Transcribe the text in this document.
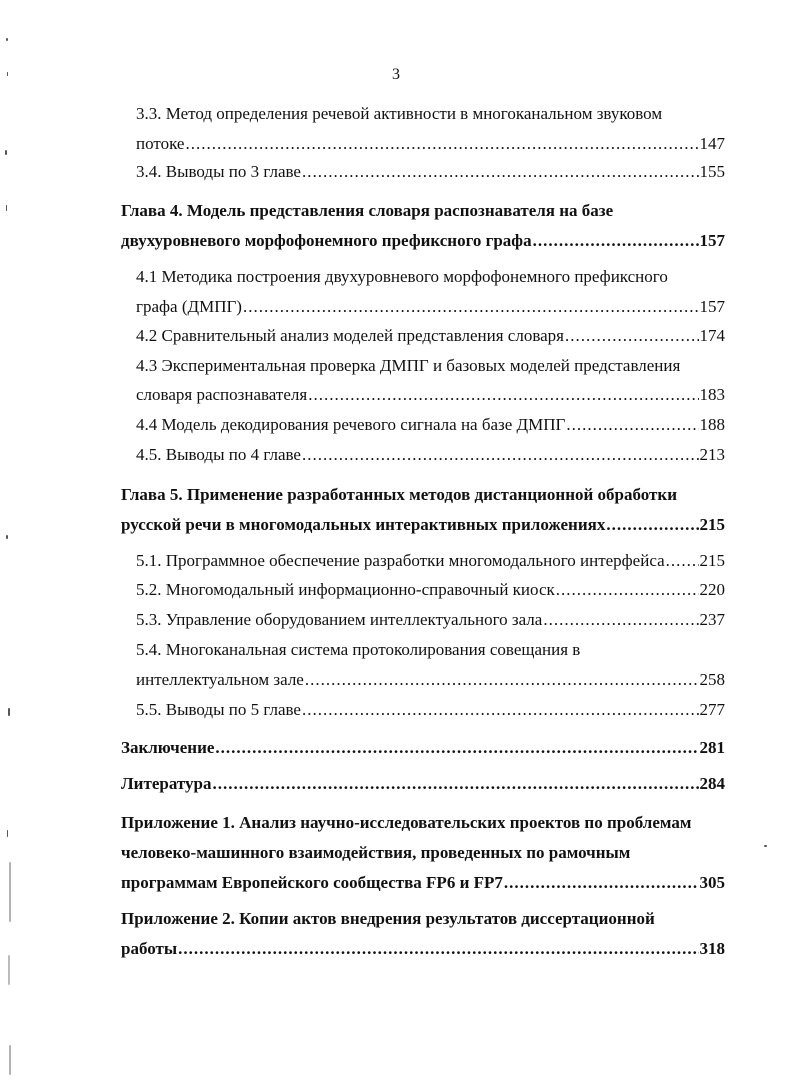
3
3.3. Метод определения речевой активности в многоканальном звуковом
потоке .....	147
3.4. Выводы по 3 главе .....	155
Глава 4. Модель представления словаря распознавателя на базе
двухуровневого морфофонемного префиксного графа .....	157
4.1 Методика построения двухуровневого морфофонемного префиксного
графа (ДМПГ) .....	157
4.2 Сравнительный анализ моделей представления словаря .....	174
4.3 Экспериментальная проверка ДМПГ и базовых моделей представления
словаря распознавателя .....	183
4.4 Модель декодирования речевого сигнала на базе ДМПГ .....	188
4.5. Выводы по 4 главе .....	213
Глава 5. Применение разработанных методов дистанционной обработки
русской речи в многомодальных интерактивных приложениях .....	215
5.1. Программное обеспечение разработки многомодального интерфейса ..... 215
5.2. Многомодальный информационно-справочный киоск .....	220
5.3. Управление оборудованием интеллектуального зала .....	237
5.4. Многоканальная система протоколирования совещания в
интеллектуальном зале .....	258
5.5. Выводы по 5 главе .....	277
Заключение .....	281
Литература .....	284
Приложение 1. Анализ научно-исследовательских проектов по проблемам
человеко-машинного взаимодействия, проведенных по рамочным
программам Европейского сообщества FP6 и FP7 .....	305
Приложение 2. Копии актов внедрения результатов диссертационной
работы .....	318
